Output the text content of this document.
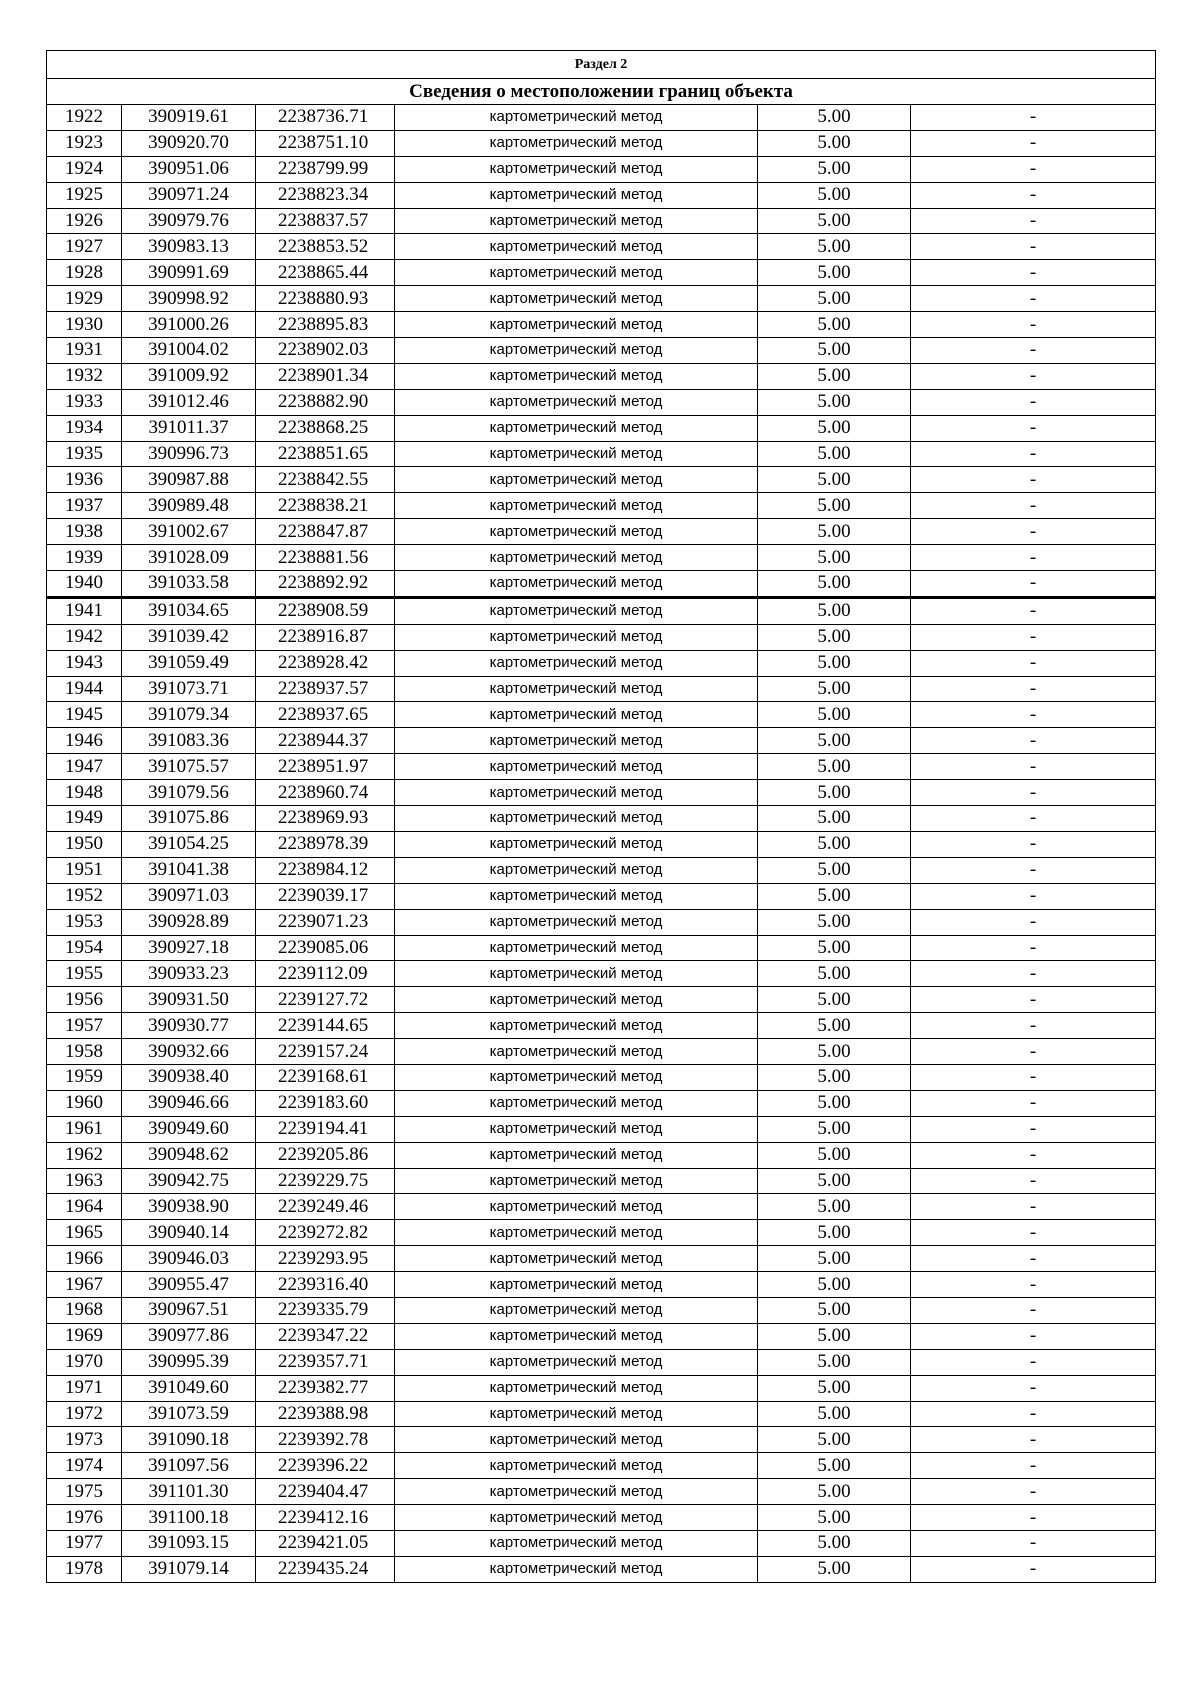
Раздел 2					
Сведения о местоположении границ объекта					
1922	390919.61	2238736.71	картометрический метод	5.00	-
1923	390920.70	2238751.10	картометрический метод	5.00	-
1924	390951.06	2238799.99	картометрический метод	5.00	-
1925	390971.24	2238823.34	картометрический метод	5.00	-
1926	390979.76	2238837.57	картометрический метод	5.00	-
1927	390983.13	2238853.52	картометрический метод	5.00	-
1928	390991.69	2238865.44	картометрический метод	5.00	-
1929	390998.92	2238880.93	картометрический метод	5.00	-
1930	391000.26	2238895.83	картометрический метод	5.00	-
1931	391004.02	2238902.03	картометрический метод	5.00	-
1932	391009.92	2238901.34	картометрический метод	5.00	-
1933	391012.46	2238882.90	картометрический метод	5.00	-
1934	391011.37	2238868.25	картометрический метод	5.00	-
1935	390996.73	2238851.65	картометрический метод	5.00	-
1936	390987.88	2238842.55	картометрический метод	5.00	-
1937	390989.48	2238838.21	картометрический метод	5.00	-
1938	391002.67	2238847.87	картометрический метод	5.00	-
1939	391028.09	2238881.56	картометрический метод	5.00	-
1940	391033.58	2238892.92	картометрический метод	5.00	-
1941	391034.65	2238908.59	картометрический метод	5.00	-
1942	391039.42	2238916.87	картометрический метод	5.00	-
1943	391059.49	2238928.42	картометрический метод	5.00	-
1944	391073.71	2238937.57	картометрический метод	5.00	-
1945	391079.34	2238937.65	картометрический метод	5.00	-
1946	391083.36	2238944.37	картометрический метод	5.00	-
1947	391075.57	2238951.97	картометрический метод	5.00	-
1948	391079.56	2238960.74	картометрический метод	5.00	-
1949	391075.86	2238969.93	картометрический метод	5.00	-
1950	391054.25	2238978.39	картометрический метод	5.00	-
1951	391041.38	2238984.12	картометрический метод	5.00	-
1952	390971.03	2239039.17	картометрический метод	5.00	-
1953	390928.89	2239071.23	картометрический метод	5.00	-
1954	390927.18	2239085.06	картометрический метод	5.00	-
1955	390933.23	2239112.09	картометрический метод	5.00	-
1956	390931.50	2239127.72	картометрический метод	5.00	-
1957	390930.77	2239144.65	картометрический метод	5.00	-
1958	390932.66	2239157.24	картометрический метод	5.00	-
1959	390938.40	2239168.61	картометрический метод	5.00	-
1960	390946.66	2239183.60	картометрический метод	5.00	-
1961	390949.60	2239194.41	картометрический метод	5.00	-
1962	390948.62	2239205.86	картометрический метод	5.00	-
1963	390942.75	2239229.75	картометрический метод	5.00	-
1964	390938.90	2239249.46	картометрический метод	5.00	-
1965	390940.14	2239272.82	картометрический метод	5.00	-
1966	390946.03	2239293.95	картометрический метод	5.00	-
1967	390955.47	2239316.40	картометрический метод	5.00	-
1968	390967.51	2239335.79	картометрический метод	5.00	-
1969	390977.86	2239347.22	картометрический метод	5.00	-
1970	390995.39	2239357.71	картометрический метод	5.00	-
1971	391049.60	2239382.77	картометрический метод	5.00	-
1972	391073.59	2239388.98	картометрический метод	5.00	-
1973	391090.18	2239392.78	картометрический метод	5.00	-
1974	391097.56	2239396.22	картометрический метод	5.00	-
1975	391101.30	2239404.47	картометрический метод	5.00	-
1976	391100.18	2239412.16	картометрический метод	5.00	-
1977	391093.15	2239421.05	картометрический метод	5.00	-
1978	391079.14	2239435.24	картометрический метод	5.00	-
